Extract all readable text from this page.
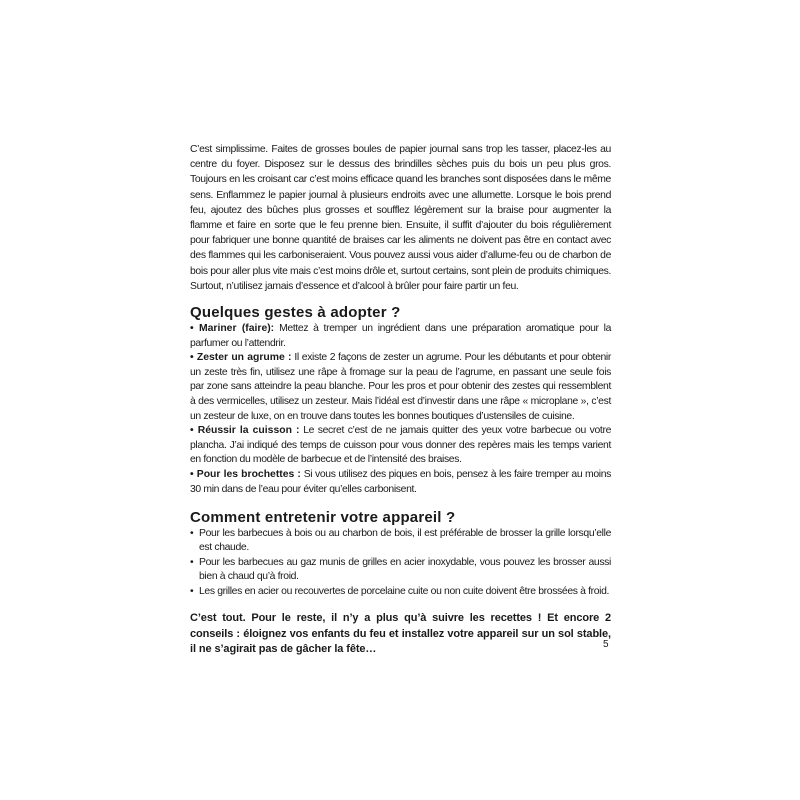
C’est simplissime. Faites de grosses boules de papier journal sans trop les tasser, placez-les au centre du foyer. Disposez sur le dessus des brindilles sèches puis du bois un peu plus gros. Toujours en les croisant car c’est moins efficace quand les branches sont disposées dans le même sens. Enflammez le papier journal à plusieurs endroits avec une allumette. Lorsque le bois prend feu, ajoutez des bûches plus grosses et soufflez légèrement sur la braise pour augmenter la flamme et faire en sorte que le feu prenne bien. Ensuite, il suffit d’ajouter du bois régulièrement pour fabriquer une bonne quantité de braises car les aliments ne doivent pas être en contact avec des flammes qui les carboniseraient. Vous pouvez aussi vous aider d’allume-feu ou de charbon de bois pour aller plus vite mais c’est moins drôle et, surtout certains, sont plein de produits chimiques. Surtout, n’utilisez jamais d’essence et d’alcool à brûler pour faire partir un feu.

Quelques gestes à adopter ?

• Mariner (faire): Mettez à tremper un ingrédient dans une préparation aromatique pour la parfumer ou l’attendrir.

• Zester un agrume : Il existe 2 façons de zester un agrume. Pour les débutants et pour obtenir un zeste très fin, utilisez une râpe à fromage sur la peau de l’agrume, en passant une seule fois par zone sans atteindre la peau blanche. Pour les pros et pour obtenir des zestes qui ressemblent à des vermicelles, utilisez un zesteur. Mais l’idéal est d’investir dans une râpe « microplane », c’est un zesteur de luxe, on en trouve dans toutes les bonnes boutiques d’ustensiles de cuisine.

• Réussir la cuisson : Le secret c’est de ne jamais quitter des yeux votre barbecue ou votre plancha. J’ai indiqué des temps de cuisson pour vous donner des repères mais les temps varient en fonction du modèle de barbecue et de l’intensité des braises.

• Pour les brochettes : Si vous utilisez des piques en bois, pensez à les faire tremper au moins 30 min dans de l’eau pour éviter qu’elles carbonisent.

Comment entretenir votre appareil ?
• Pour les barbecues à bois ou au charbon de bois, il est préférable de brosser la grille lorsqu’elle est chaude.
• Pour les barbecues au gaz munis de grilles en acier inoxydable, vous pouvez les brosser aussi bien à chaud qu’à froid.
• Les grilles en acier ou recouvertes de porcelaine cuite ou non cuite doivent être brossées à froid.

C’est tout. Pour le reste, il n’y a plus qu’à suivre les recettes ! Et encore 2 conseils : éloignez vos enfants du feu et installez votre appareil sur un sol stable, il ne s’agirait pas de gâcher la fête…	5
